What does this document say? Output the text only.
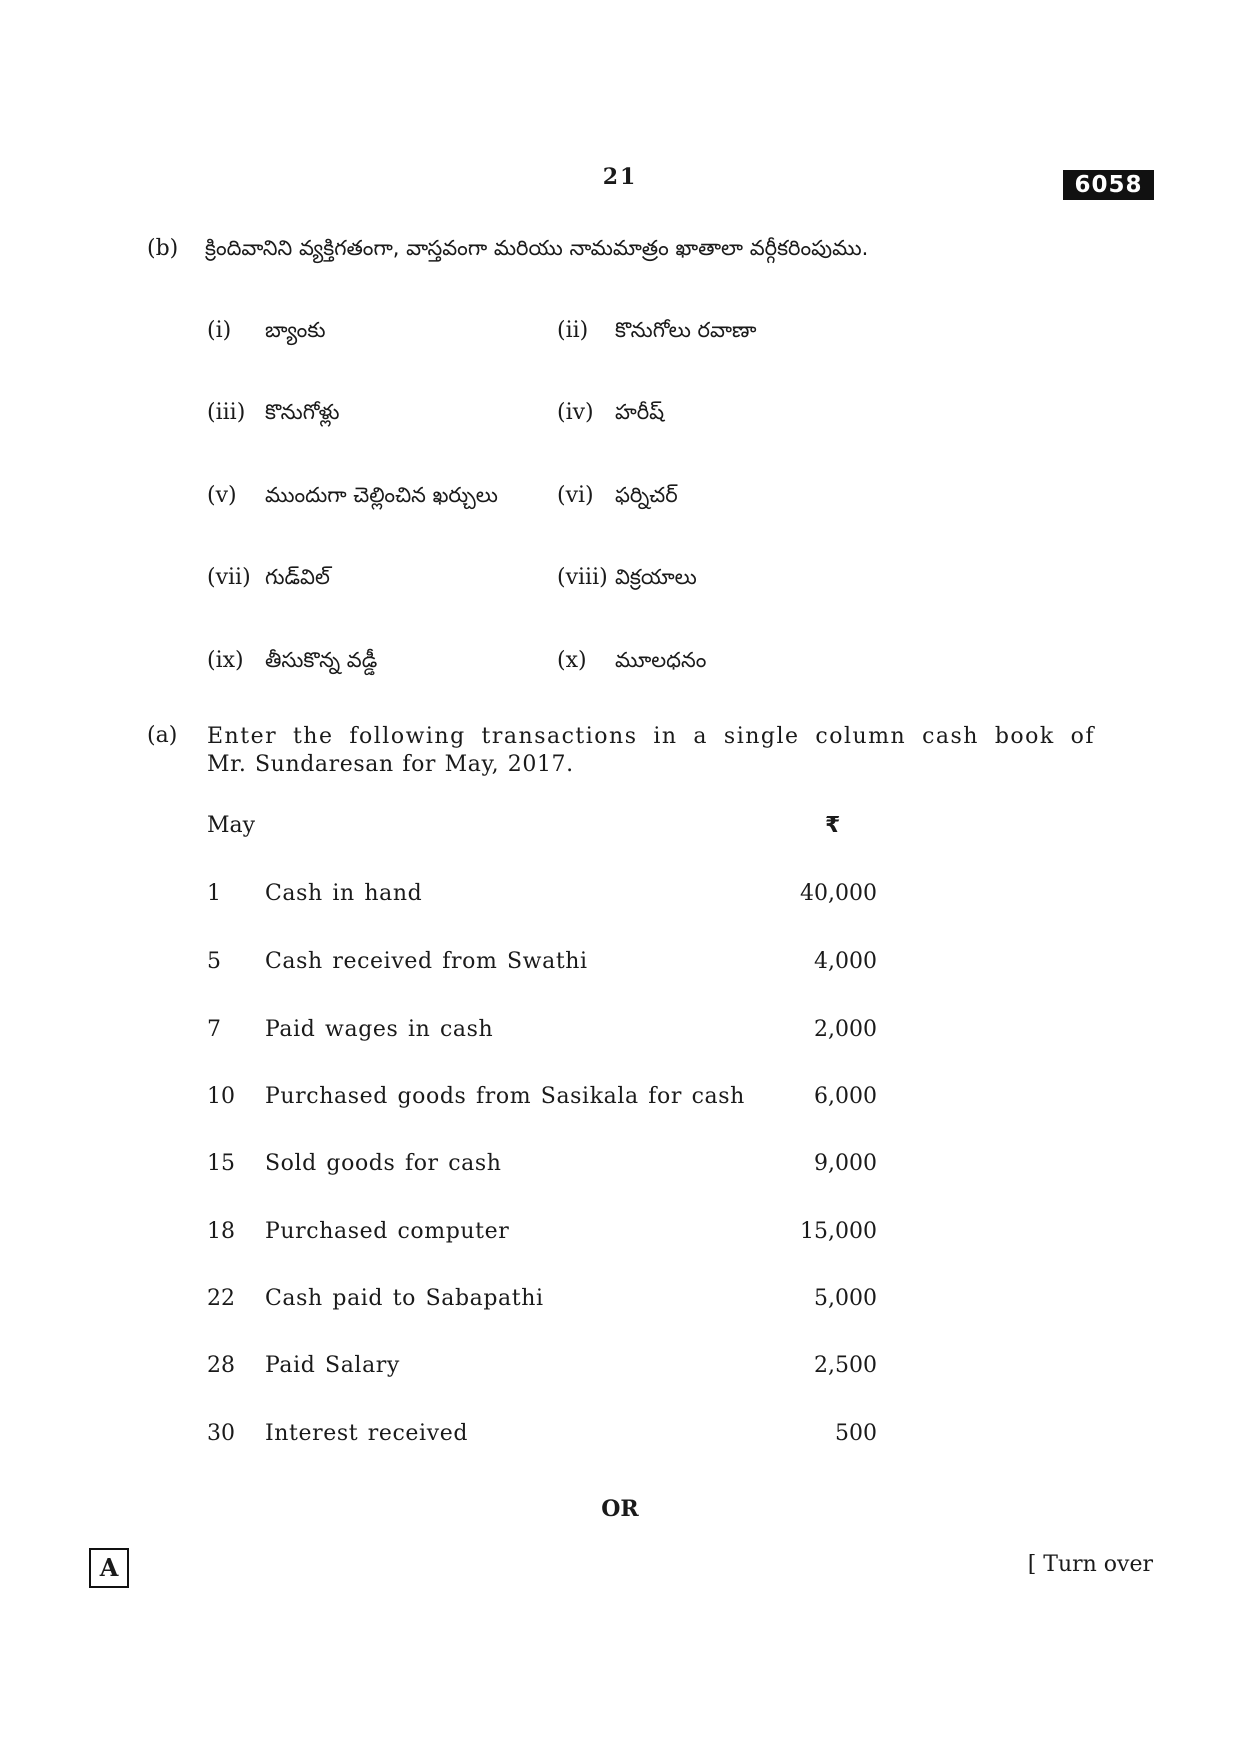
21	6058
(b) క్రిందివానిని వ్యక్తిగతంగా, వాస్తవంగా మరియు నామమాత్రం ఖాతాలా వర్గీకరింపుము.
(i) బ్యాంకు	(ii) కొనుగోలు రవాణా
(iii) కొనుగోళ్లు	(iv) హరీష్
(v) ముందుగా చెల్లించిన ఖర్చులు	(vi) ఫర్నిచర్
(vii) గుడ్‌విల్	(viii) విక్రయాలు
(ix) తీసుకొన్న వడ్డీ	(x) మూలధనం
(a) Enter the following transactions in a single column cash book of
Mr. Sundaresan for May, 2017.
May	₹
1 Cash in hand	40,000
5 Cash received from Swathi	4,000
7 Paid wages in cash	2,000
10 Purchased goods from Sasikala for cash	6,000
15 Sold goods for cash	9,000
18 Purchased computer	15,000
22 Cash paid to Sabapathi	5,000
28 Paid Salary	2,500
30 Interest received	500
OR
A	[ Turn over
